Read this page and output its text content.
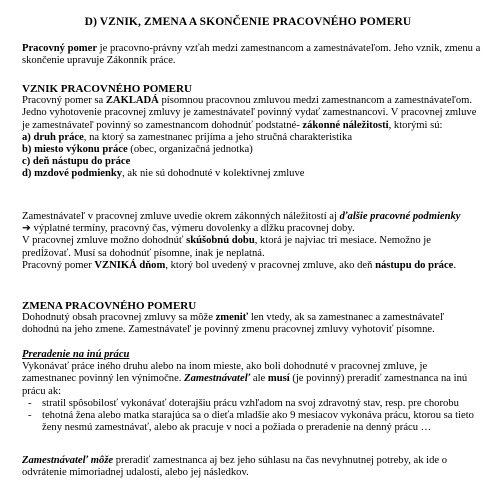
D) VZNIK, ZMENA A SKONČENIE PRACOVNÉHO POMERU

Pracovný pomer je pracovno-právny vzťah medzi zamestnancom a zamestnávateľom. Jeho vznik, zmenu a skončenie upravuje Zákonník práce.

VZNIK PRACOVNÉHO POMERU

Pracovný pomer sa ZAKLADÁ písomnou pracovnou zmluvou medzi zamestnancom a zamestnávateľom. Jedno vyhotovenie pracovnej zmluvy je zamestnávateľ povinný vydať zamestnancovi. V pracovnej zmluve je zamestnávateľ povinný so zamestnancom dohodnúť podstatné- zákonné náležitosti, ktorými sú:

a) druh práce, na ktorý sa zamestnanec prijíma a jeho stručná charakteristika

b) miesto výkonu práce (obec, organizačná jednotka)

c) deň nástupu do práce

d) mzdové podmienky, ak nie sú dohodnuté v kolektívnej zmluve

Zamestnávateľ v pracovnej zmluve uvedie okrem zákonných náležitostí aj ďalšie pracovné podmienky
➔ výplatné termíny, pracovný čas, výmeru dovolenky a dĺžku pracovnej doby.

V pracovnej zmluve možno dohodnúť skúšobnú dobu, ktorá je najviac tri mesiace. Nemožno je predĺžovať. Musí sa dohodnúť písomne, inak je neplatná.

Pracovný pomer VZNIKÁ dňom, ktorý bol uvedený v pracovnej zmluve, ako deň nástupu do práce.

ZMENA PRACOVNÉHO POMERU

Dohodnutý obsah pracovnej zmluvy sa môže zmeniť len vtedy, ak sa zamestnanec a zamestnávateľ dohodnú na jeho zmene. Zamestnávateľ je povinný zmenu pracovnej zmluvy vyhotoviť písomne.

Preradenie na inú prácu

Vykonávať práce iného druhu alebo na inom mieste, ako boli dohodnuté v pracovnej zmluve, je zamestnanec povinný len výnimočne. Zamestnávateľ ale musí (je povinný) preradiť zamestnanca na inú prácu ak:

- stratil spôsobilosť vykonávať doterajšiu prácu vzhľadom na svoj zdravotný stav, resp. pre chorobu

- tehotná žena alebo matka starajúca sa o dieťa mladšie ako 9 mesiacov vykonáva prácu, ktorou sa tieto ženy nesmú zamestnávať, alebo ak pracuje v noci a požiada o preradenie na denný prácu …

Zamestnávateľ môže preradiť zamestnanca aj bez jeho súhlasu na čas nevyhnutnej potreby, ak ide o odvrátenie mimoriadnej udalosti, alebo jej následkov.
